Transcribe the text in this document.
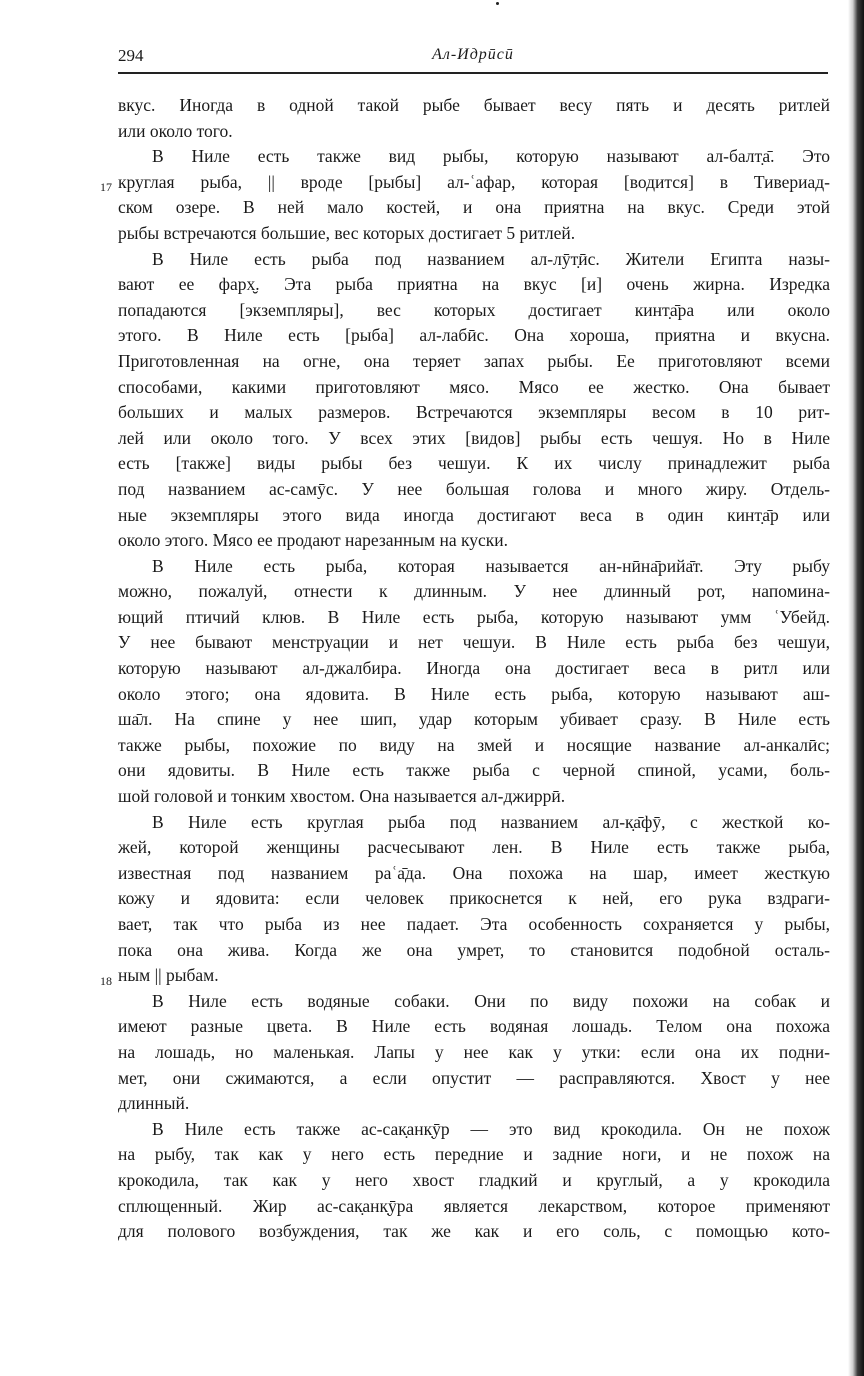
294	Ал-Идрӣсӣ
17
18
вкус. Иногда в одной такой рыбе бывает весу пять и десять ритлей
или около того.
В Ниле есть также вид рыбы, которую называют ал-балт̣а̄. Это
круглая рыба, || вроде [рыбы] ал-ʿафар, которая [водится] в Тивериад-
ском озере. В ней мало костей, и она приятна на вкус. Среди этой
рыбы встречаются большие, вес которых достигает 5 ритлей.
В Ниле есть рыба под названием ал-лӯт̣ӣс. Жители Египта назы-
вают ее фарх̮. Эта рыба приятна на вкус [и] очень жирна. Изредка
попадаются [экземпляры], вес которых достигает кинт̣а̄ра или около
этого. В Ниле есть [рыба] ал-лабӣс. Она хороша, приятна и вкусна.
Приготовленная на огне, она теряет запах рыбы. Ее приготовляют всеми
способами, какими приготовляют мясо. Мясо ее жестко. Она бывает
больших и малых размеров. Встречаются экземпляры весом в 10 рит-
лей или около того. У всех этих [видов] рыбы есть чешуя. Но в Ниле
есть [также] виды рыбы без чешуи. К их числу принадлежит рыба
под названием ас-самӯс. У нее большая голова и много жиру. Отдель-
ные экземпляры этого вида иногда достигают веса в один кинт̣а̄р или
около этого. Мясо ее продают нарезанным на куски.
В Ниле есть рыба, которая называется ан-нӣна̄рийа̄т. Эту рыбу
можно, пожалуй, отнести к длинным. У нее длинный рот, напомина-
ющий птичий клюв. В Ниле есть рыба, которую называют умм ʿУбейд.
У нее бывают менструации и нет чешуи. В Ниле есть рыба без чешуи,
которую называют ал-джалбира. Иногда она достигает веса в ритл или
около этого; она ядовита. В Ниле есть рыба, которую называют аш-
ша̄л. На спине у нее шип, удар которым убивает сразу. В Ниле есть
также рыбы, похожие по виду на змей и носящие название ал-анкалӣс;
они ядовиты. В Ниле есть также рыба с черной спиной, усами, боль-
шой головой и тонким хвостом. Она называется ал-джиррӣ.
В Ниле есть круглая рыба под названием ал-к̣а̄фӯ, с жесткой ко-
жей, которой женщины расчесывают лен. В Ниле есть также рыба,
известная под названием раʿа̄да. Она похожа на шар, имеет жесткую
кожу и ядовита: если человек прикоснется к ней, его рука вздраги-
вает, так что рыба из нее падает. Эта особенность сохраняется у рыбы,
пока она жива. Когда же она умрет, то становится подобной осталь-
ным || рыбам.
В Ниле есть водяные собаки. Они по виду похожи на собак и
имеют разные цвета. В Ниле есть водяная лошадь. Телом она похожа
на лошадь, но маленькая. Лапы у нее как у утки: если она их подни-
мет, они сжимаются, а если опустит — расправляются. Хвост у нее
длинный.
В Ниле есть также ас-сак̣анк̣ӯр — это вид крокодила. Он не похож
на рыбу, так как у него есть передние и задние ноги, и не похож на
крокодила, так как у него хвост гладкий и круглый, а у крокодила
сплющенный. Жир ас-сак̣анк̣ӯра является лекарством, которое применяют
для полового возбуждения, так же как и его соль, с помощью кото-
